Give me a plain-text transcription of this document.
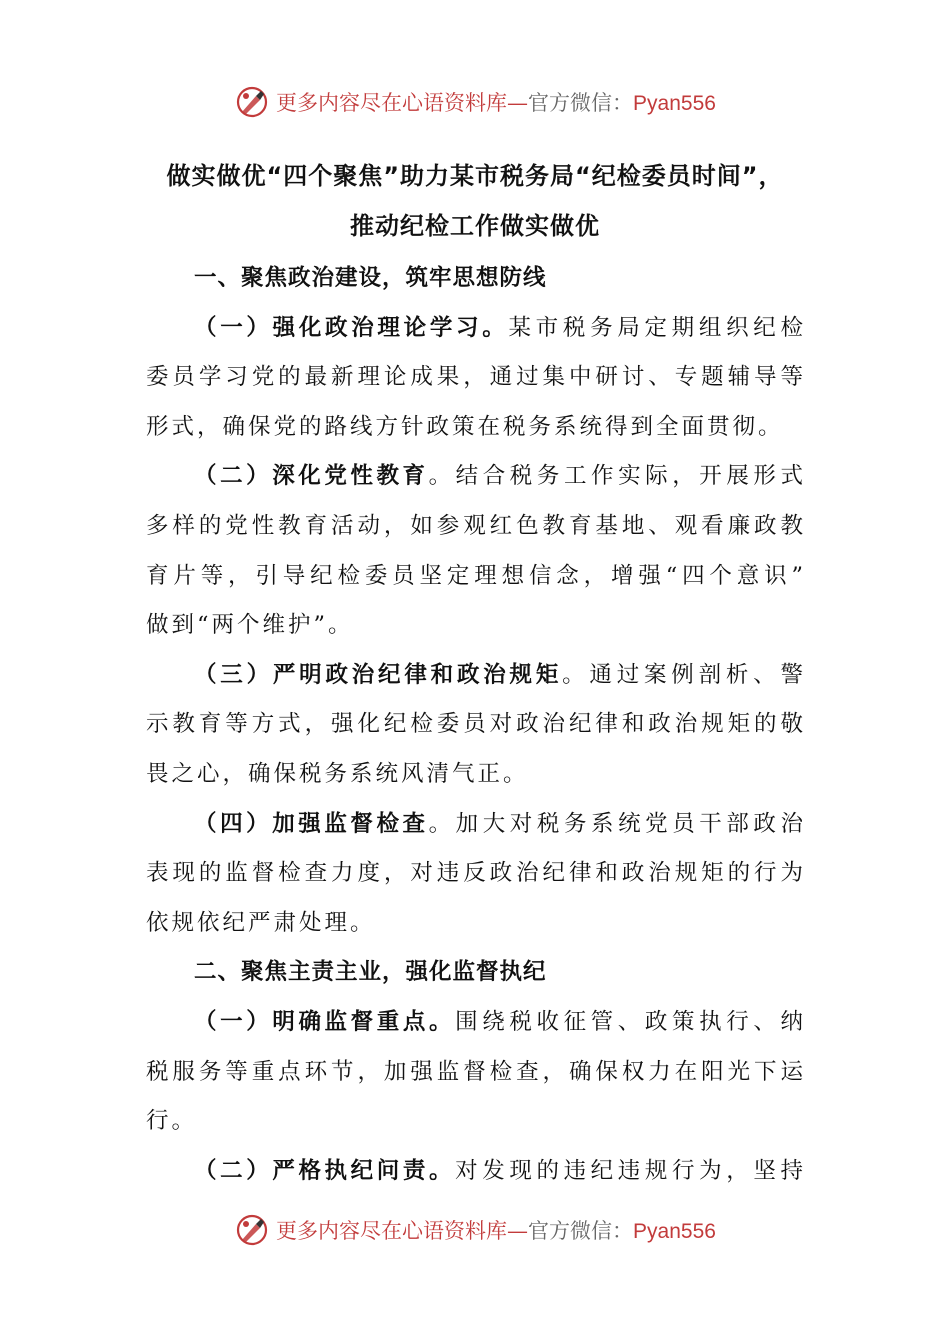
更多内容尽在心语资料库—官方微信：Pyan556
做实做优“四个聚焦”助力某市税务局“纪检委员时间”，
推动纪检工作做实做优
一、聚焦政治建设，筑牢思想防线
（一）强化政治理论学习。某市税务局定期组织纪检
委员学习党的最新理论成果，通过集中研讨、专题辅导等
形式，确保党的路线方针政策在税务系统得到全面贯彻。
（二）深化党性教育。结合税务工作实际，开展形式
多样的党性教育活动，如参观红色教育基地、观看廉政教
育片等，引导纪检委员坚定理想信念，增强“四个意识”
做到“两个维护”。
（三）严明政治纪律和政治规矩。通过案例剖析、警
示教育等方式，强化纪检委员对政治纪律和政治规矩的敬
畏之心，确保税务系统风清气正。
（四）加强监督检查。加大对税务系统党员干部政治
表现的监督检查力度，对违反政治纪律和政治规矩的行为
依规依纪严肃处理。
二、聚焦主责主业，强化监督执纪
（一）明确监督重点。围绕税收征管、政策执行、纳
税服务等重点环节，加强监督检查，确保权力在阳光下运
行。
（二）严格执纪问责。对发现的违纪违规行为，坚持
更多内容尽在心语资料库—官方微信：Pyan556
